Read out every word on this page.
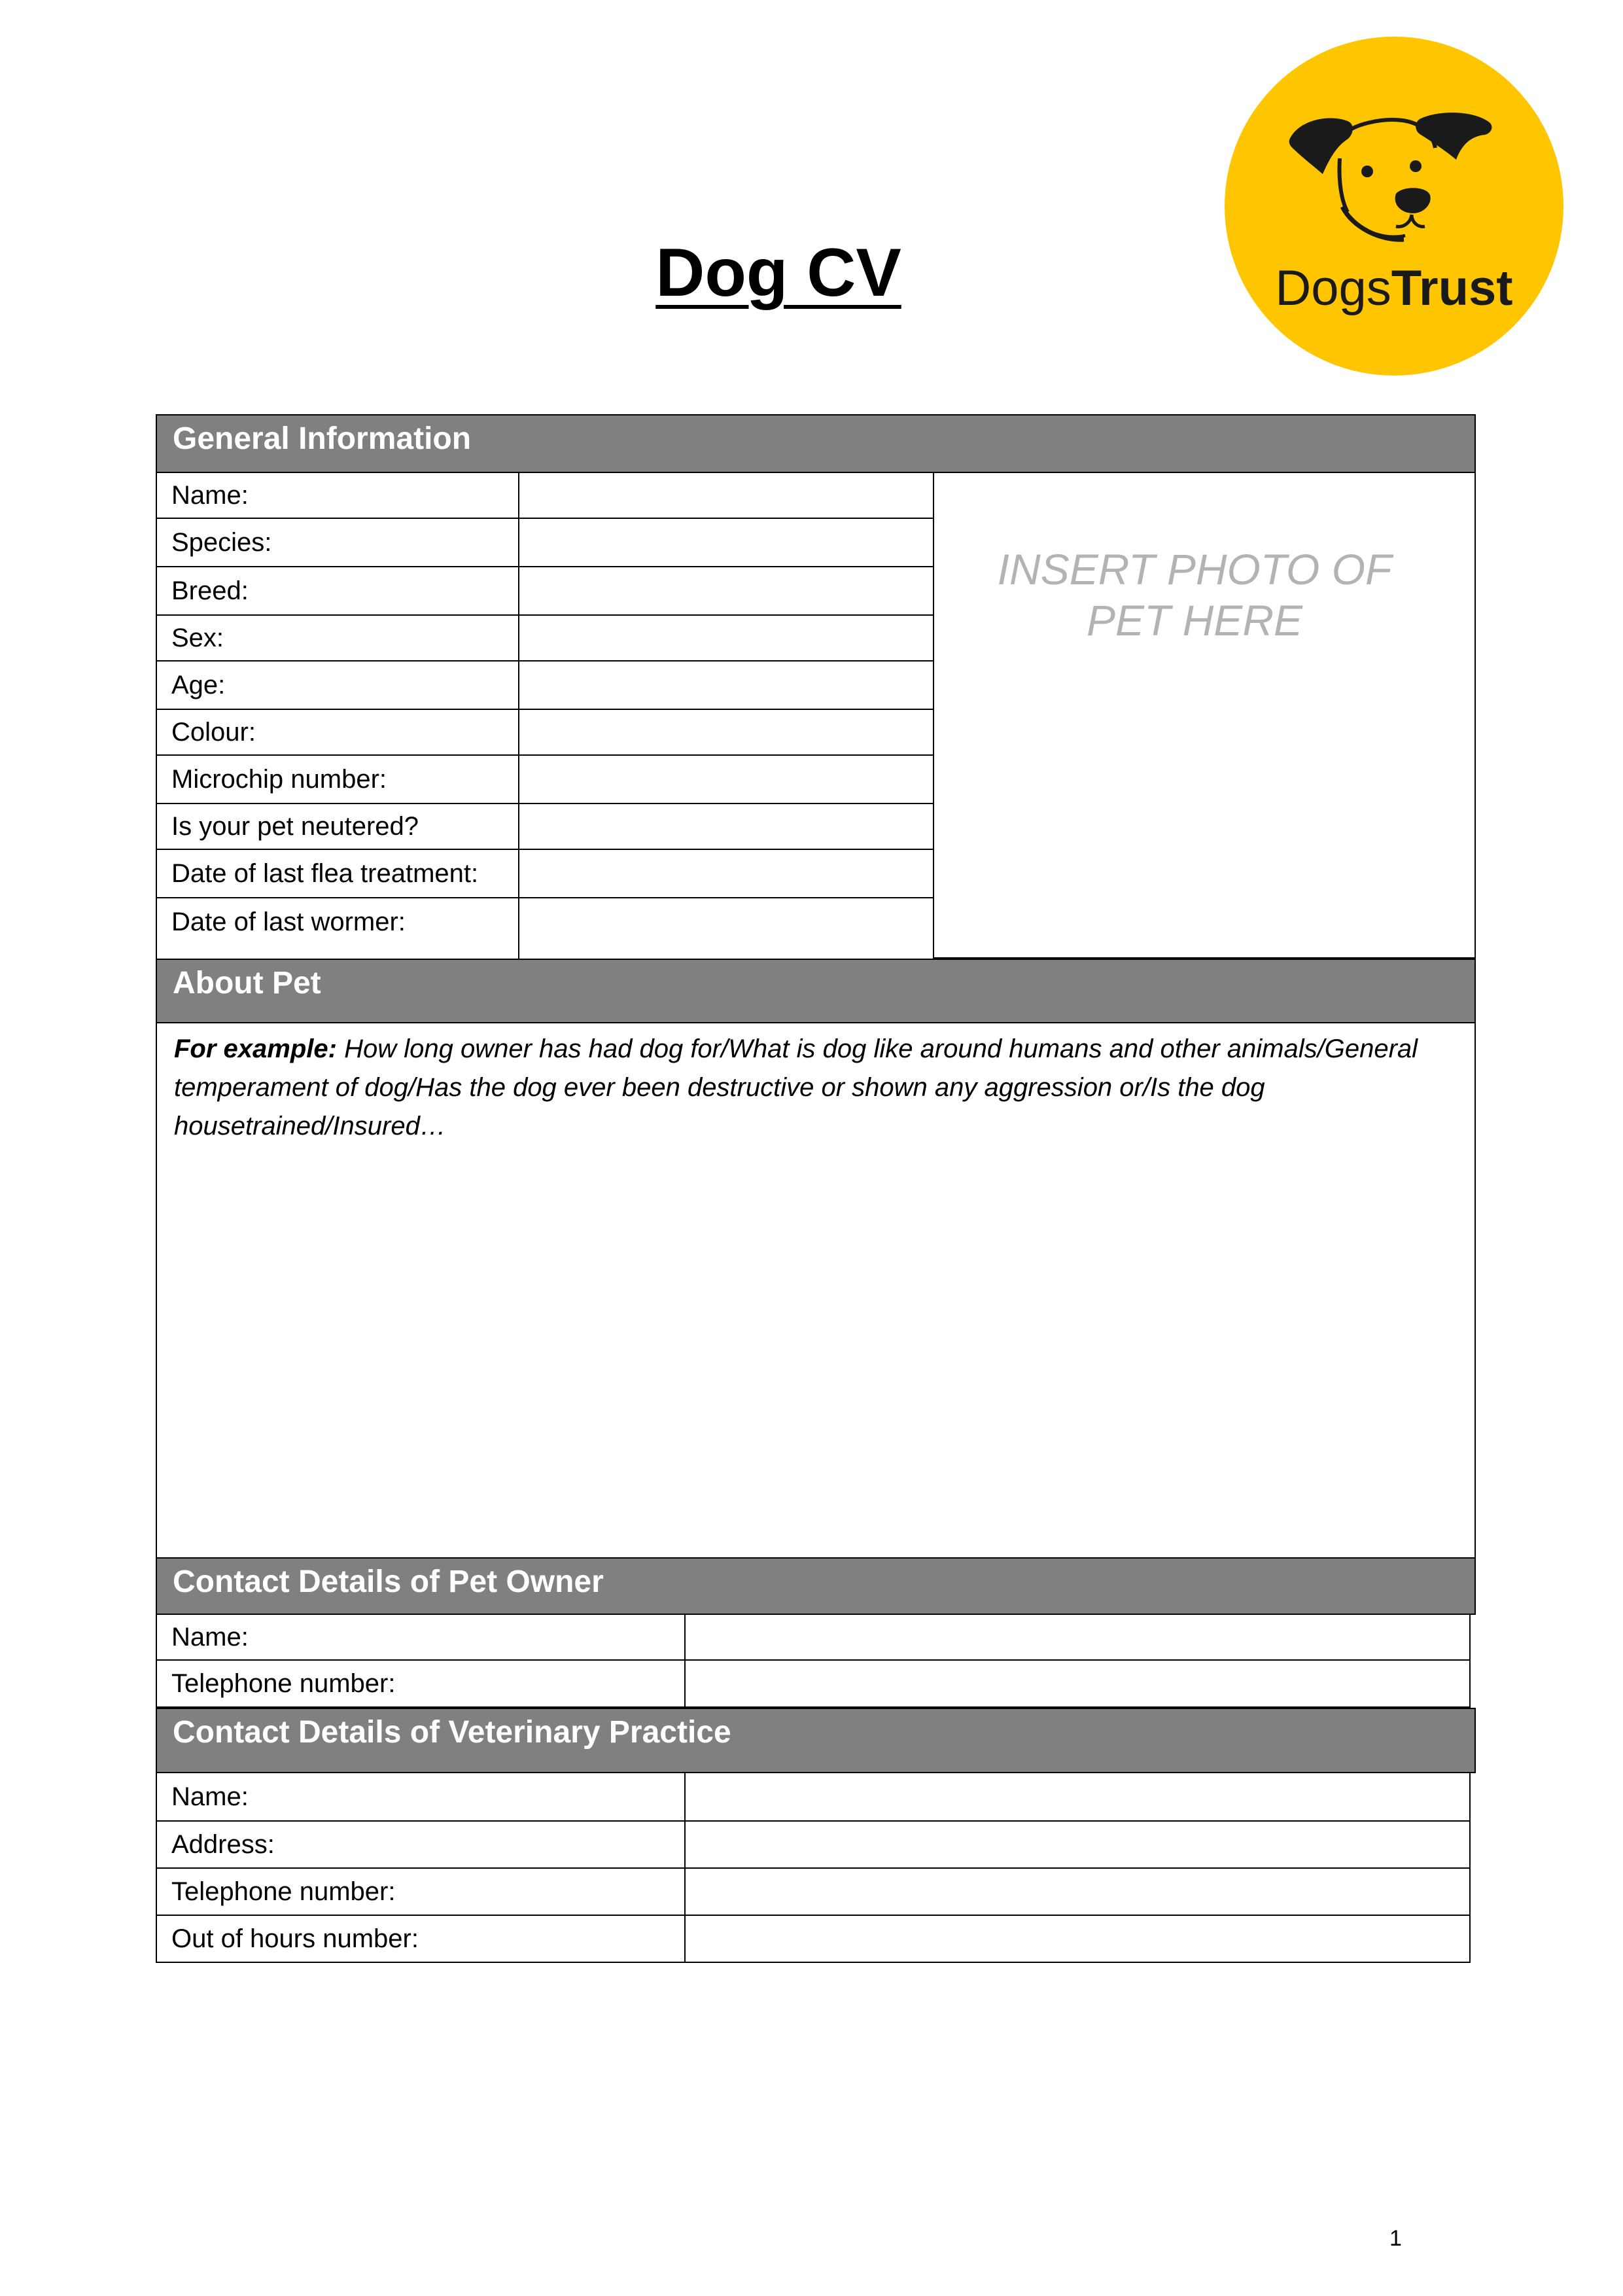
Dog CV	DogsTrust
General Information
Name:	
Species:	
Breed:	
Sex:	
Age:	
Colour:	
Microchip number:	
Is your pet neutered?	
Date of last flea treatment:	
Date of last wormer:	
INSERT PHOTO OF
PET HERE
About Pet
For example: How long owner has had dog for/What is dog like around humans and other animals/General temperament of dog/Has the dog ever been destructive or shown any aggression or/Is the dog housetrained/Insured…
Contact Details of Pet Owner
Name:	
Telephone number:	
Contact Details of Veterinary Practice
Name:	
Address:	
Telephone number:	
Out of hours number:	
1
